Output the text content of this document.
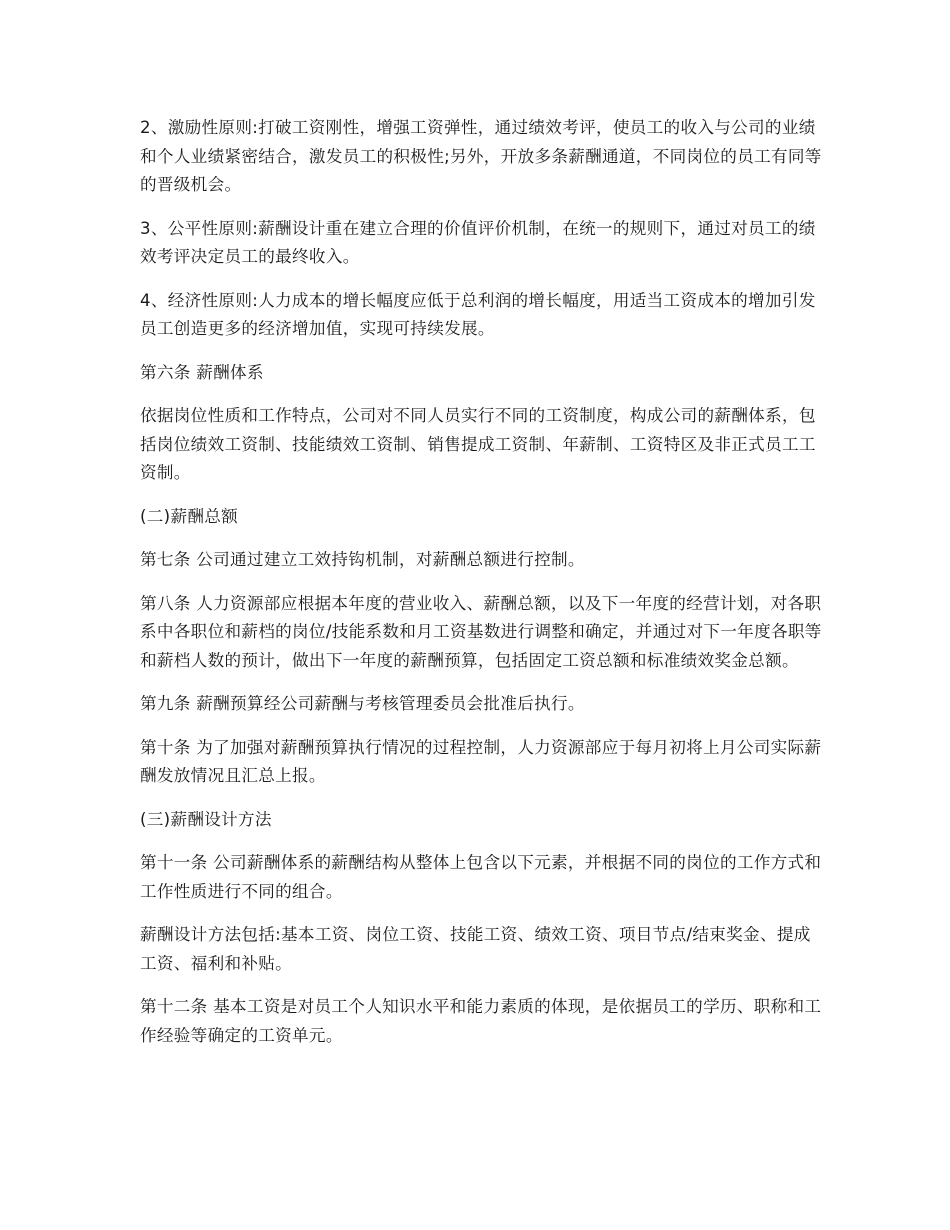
2、激励性原则:打破工资刚性，增强工资弹性，通过绩效考评，使员工的收入与公司的业绩和个人业绩紧密结合，激发员工的积极性;另外，开放多条薪酬通道，不同岗位的员工有同等的晋级机会。

3、公平性原则:薪酬设计重在建立合理的价值评价机制，在统一的规则下，通过对员工的绩效考评决定员工的最终收入。

4、经济性原则:人力成本的增长幅度应低于总利润的增长幅度，用适当工资成本的增加引发员工创造更多的经济增加值，实现可持续发展。

第六条 薪酬体系

依据岗位性质和工作特点，公司对不同人员实行不同的工资制度，构成公司的薪酬体系，包括岗位绩效工资制、技能绩效工资制、销售提成工资制、年薪制、工资特区及非正式员工工资制。

(二)薪酬总额

第七条 公司通过建立工效持钩机制，对薪酬总额进行控制。

第八条 人力资源部应根据本年度的营业收入、薪酬总额，以及下一年度的经营计划，对各职系中各职位和薪档的岗位/技能系数和月工资基数进行调整和确定，并通过对下一年度各职等和薪档人数的预计，做出下一年度的薪酬预算，包括固定工资总额和标准绩效奖金总额。

第九条 薪酬预算经公司薪酬与考核管理委员会批准后执行。

第十条 为了加强对薪酬预算执行情况的过程控制，人力资源部应于每月初将上月公司实际薪酬发放情况且汇总上报。

(三)薪酬设计方法

第十一条 公司薪酬体系的薪酬结构从整体上包含以下元素，并根据不同的岗位的工作方式和工作性质进行不同的组合。

薪酬设计方法包括:基本工资、岗位工资、技能工资、绩效工资、项目节点/结束奖金、提成工资、福利和补贴。

第十二条 基本工资是对员工个人知识水平和能力素质的体现，是依据员工的学历、职称和工作经验等确定的工资单元。
